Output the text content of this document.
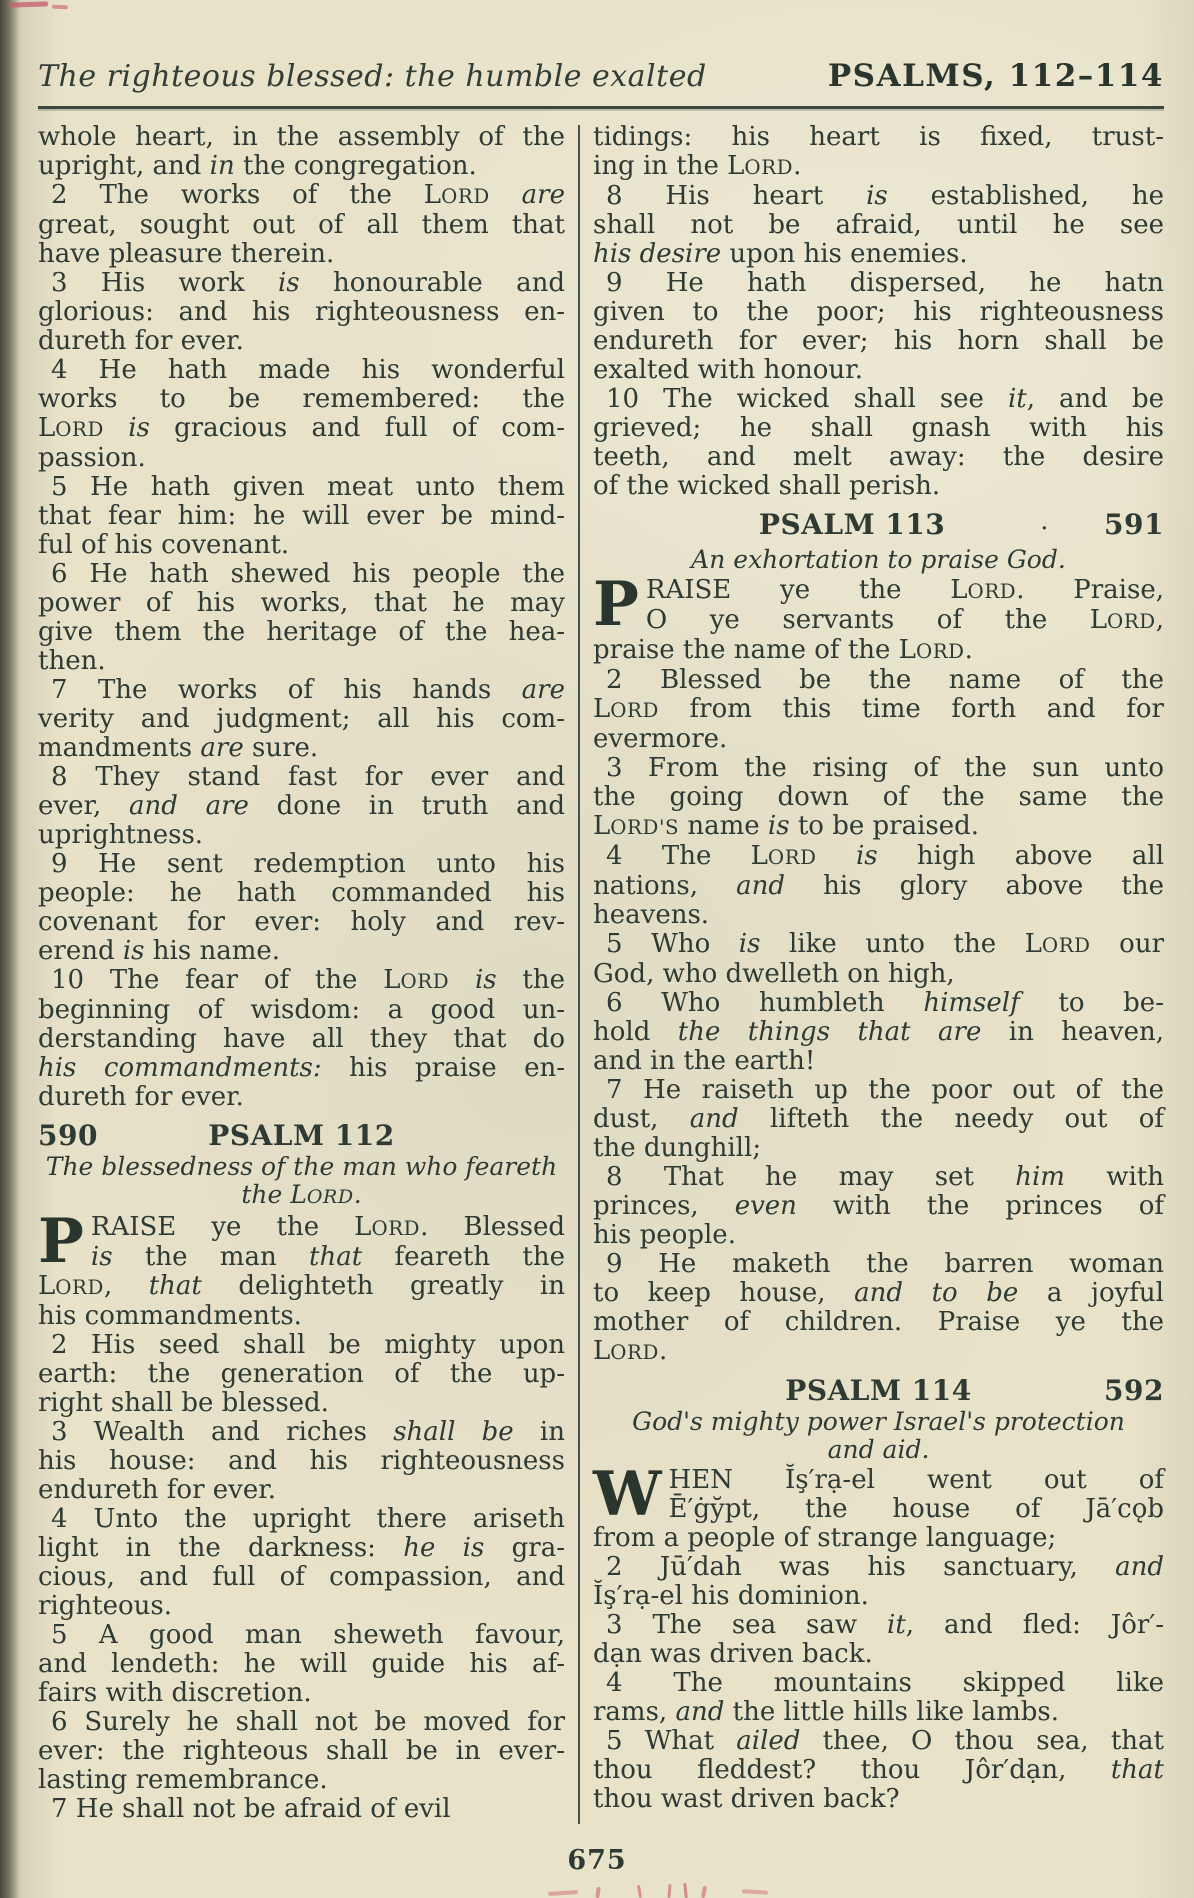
The righteous blessed: the humble exalted	PSALMS, 112–114
whole heart, in the assembly of the
upright, and in the congregation.
2 The works of the LORD are
great, sought out of all them that
have pleasure therein.
3 His work is honourable and
glorious: and his righteousness en-
dureth for ever.
4 He hath made his wonderful
works to be remembered: the
LORD is gracious and full of com-
passion.
5 He hath given meat unto them
that fear him: he will ever be mind-
ful of his covenant.
6 He hath shewed his people the
power of his works, that he may
give them the heritage of the hea-
then.
7 The works of his hands are
verity and judgment; all his com-
mandments are sure.
8 They stand fast for ever and
ever, and are done in truth and
uprightness.
9 He sent redemption unto his
people: he hath commanded his
covenant for ever: holy and rev-
erend is his name.
10 The fear of the LORD is the
beginning of wisdom: a good un-
derstanding have all they that do
his commandments: his praise en-
dureth for ever.
590	PSALM 112
The blessedness of the man who feareth
the LORD.
P RAISE ye the LORD. Blessed
is the man that feareth the
LORD, that delighteth greatly in
his commandments.
2 His seed shall be mighty upon
earth: the generation of the up-
right shall be blessed.
3 Wealth and riches shall be in
his house: and his righteousness
endureth for ever.
4 Unto the upright there ariseth
light in the darkness: he is gra-
cious, and full of compassion, and
righteous.
5 A good man sheweth favour,
and lendeth: he will guide his af-
fairs with discretion.
6 Surely he shall not be moved for
ever: the righteous shall be in ever-
lasting remembrance.
7 He shall not be afraid of evil
tidings: his heart is fixed, trust-
ing in the LORD.
8 His heart is established, he
shall not be afraid, until he see
his desire upon his enemies.
9 He hath dispersed, he hatn
given to the poor; his righteousness
endureth for ever; his horn shall be
exalted with honour.
10 The wicked shall see it, and be
grieved; he shall gnash with his
teeth, and melt away: the desire
of the wicked shall perish.
PSALM 113	·	591
An exhortation to praise God.
P RAISE ye the LORD. Praise,
O ye servants of the LORD,
praise the name of the LORD.
2 Blessed be the name of the
LORD from this time forth and for
evermore.
3 From the rising of the sun unto
the going down of the same the
LORD'S name is to be praised.
4 The LORD is high above all
nations, and his glory above the
heavens.
5 Who is like unto the LORD our
God, who dwelleth on high,
6 Who humbleth himself to be-
hold the things that are in heaven,
and in the earth!
7 He raiseth up the poor out of the
dust, and lifteth the needy out of
the dunghill;
8 That he may set him with
princes, even with the princes of
his people.
9 He maketh the barren woman
to keep house, and to be a joyful
mother of children. Praise ye the
LORD.
PSALM 114	592
God's mighty power Israel's protection
and aid.
W HEN Ĭş′rạ-el went out of
Ē′ġy̆pt, the house of Jā′cǫb
from a people of strange language;
2 Jū′dah was his sanctuary, and
Ĭş′rạ-el his dominion.
3 The sea saw it, and fled: Jôr′-
dạn was driven back.
4 The mountains skipped like
rams, and the little hills like lambs.
5 What ailed thee, O thou sea, that
thou fleddest? thou Jôr′dạn, that
thou wast driven back?
675
